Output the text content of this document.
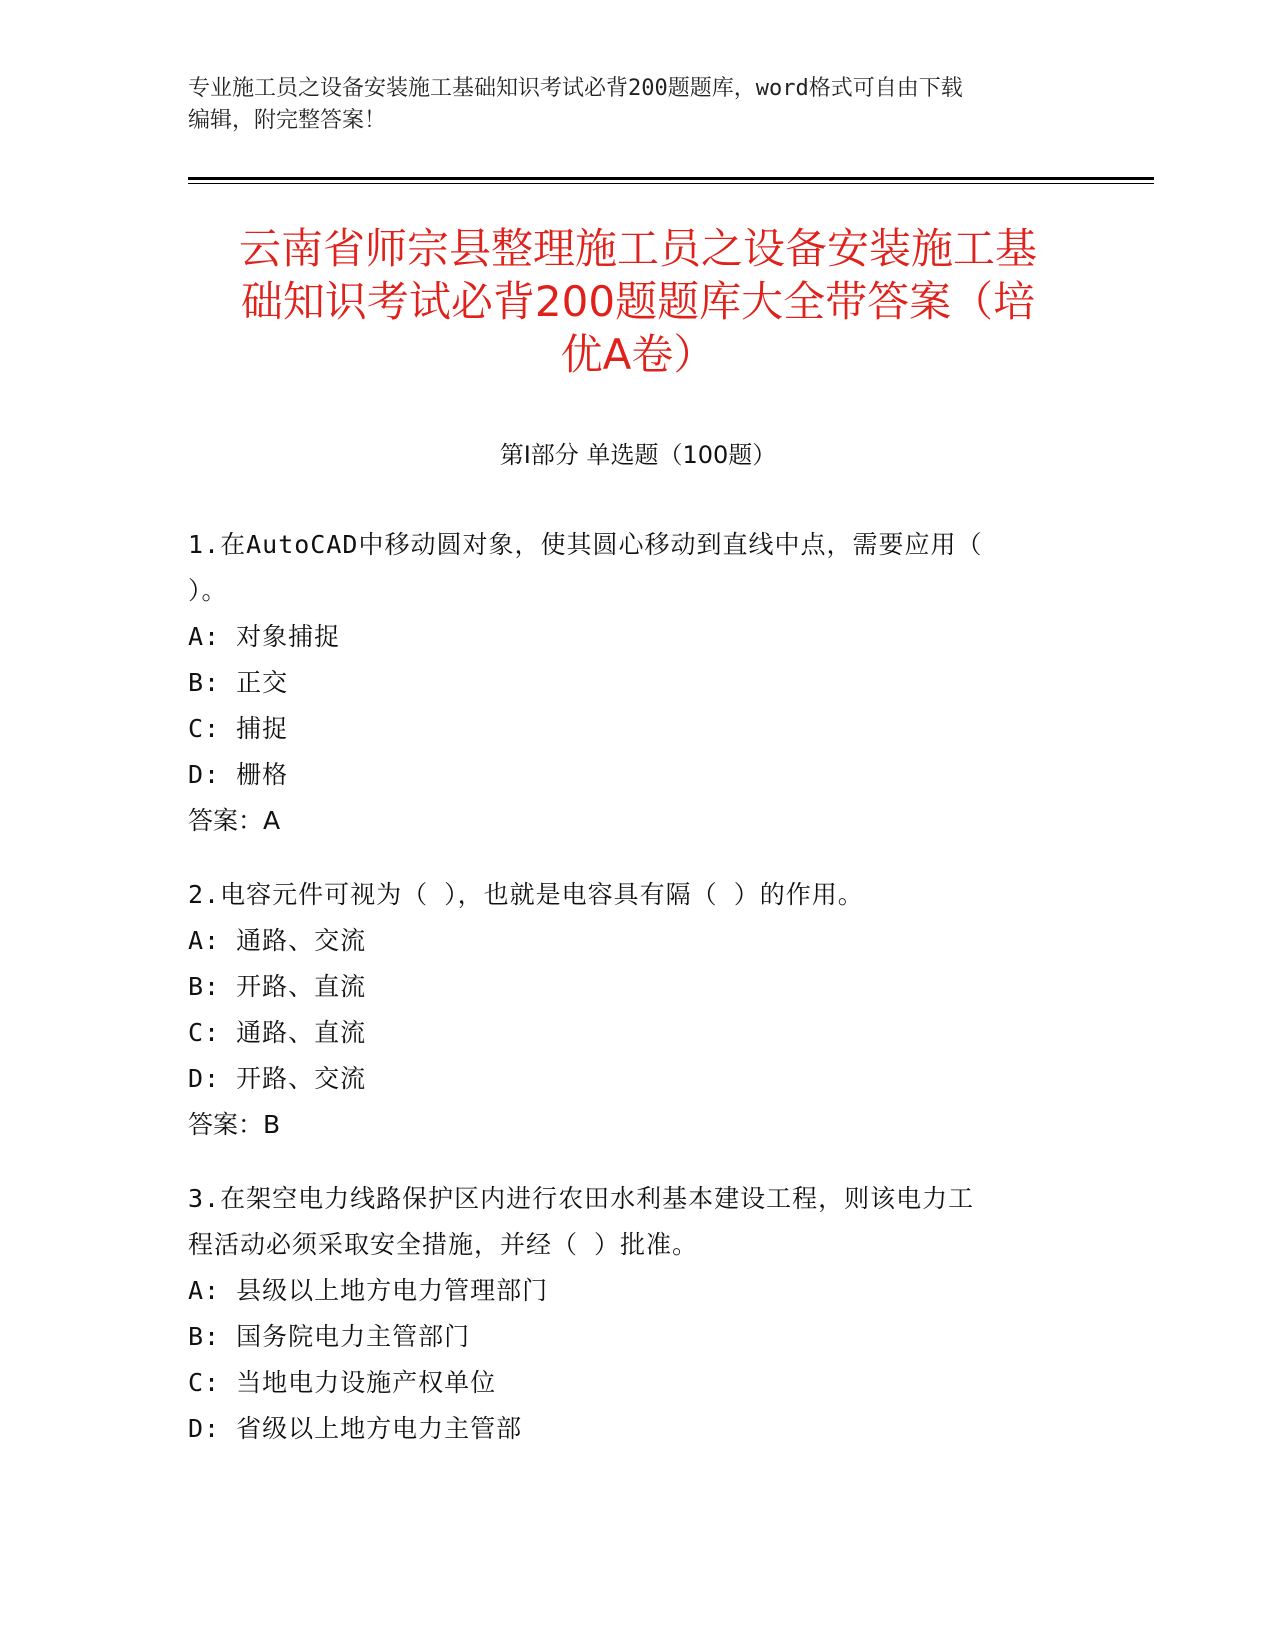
专业施工员之设备安装施工基础知识考试必背200题题库，word格式可自由下载
编辑，附完整答案！
云南省师宗县整理施工员之设备安装施工基
础知识考试必背200题题库大全带答案（培
优A卷）
第Ⅰ部分 单选题（100题）
1.在AutoCAD中移动圆对象，使其圆心移动到直线中点，需要应用（
）。
A: 对象捕捉
B: 正交
C: 捕捉
D: 栅格
答案：A
2.电容元件可视为（ ），也就是电容具有隔（ ）的作用。
A: 通路、交流
B: 开路、直流
C: 通路、直流
D: 开路、交流
答案：B
3.在架空电力线路保护区内进行农田水利基本建设工程，则该电力工
程活动必须采取安全措施，并经（ ）批准。
A: 县级以上地方电力管理部门
B: 国务院电力主管部门
C: 当地电力设施产权单位
D: 省级以上地方电力主管部
